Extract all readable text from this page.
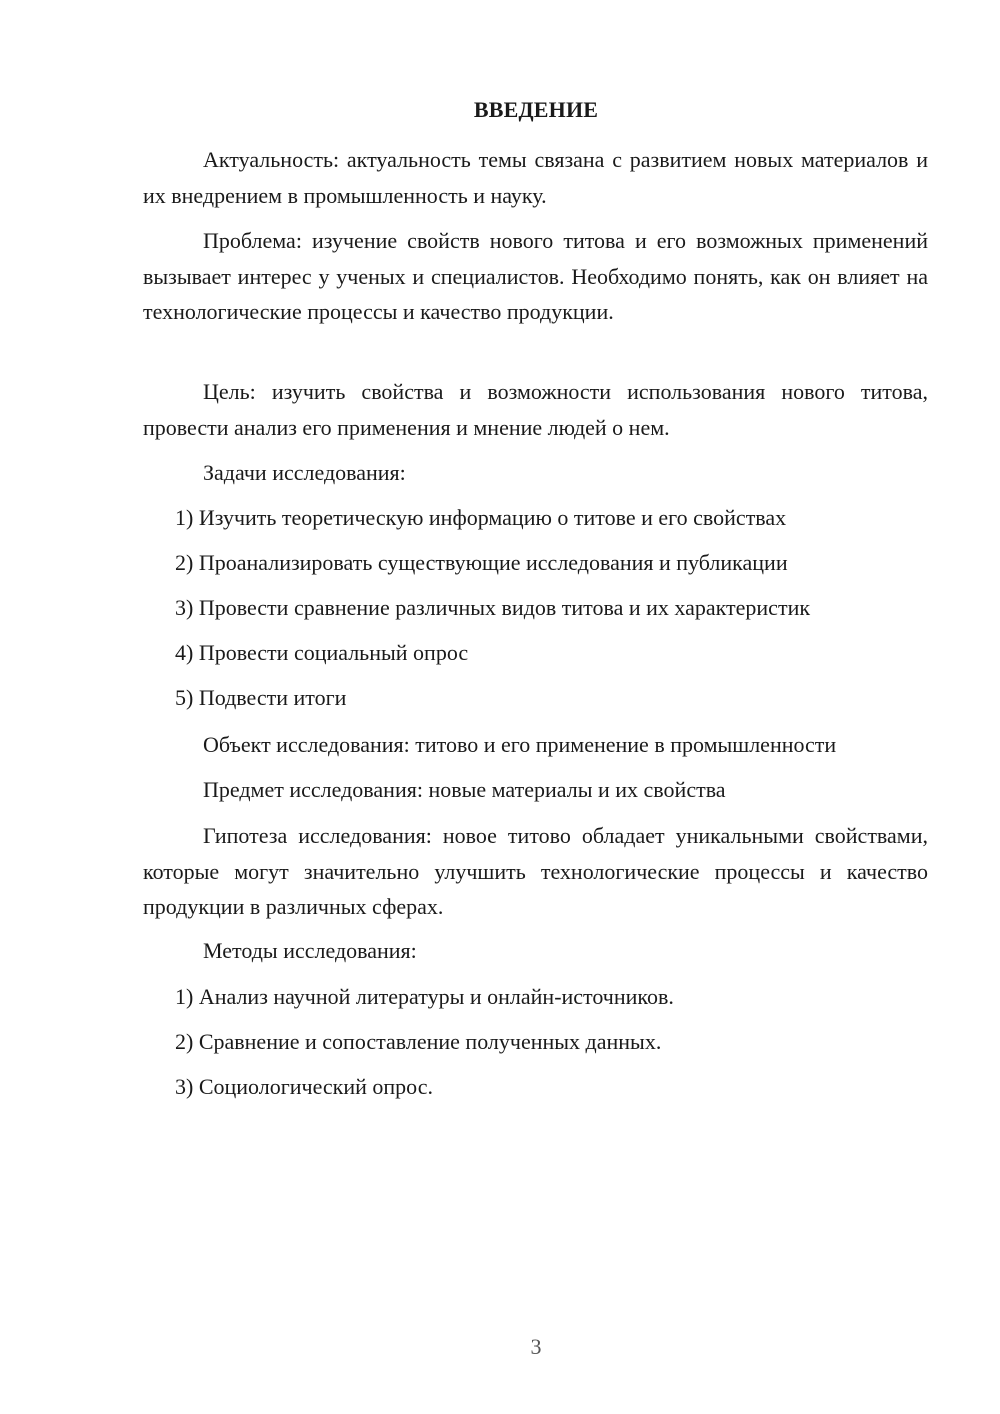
ВВЕДЕНИЕ

Актуальность: актуальность темы связана с развитием новых материалов и их внедрением в промышленность и науку.

Проблема: изучение свойств нового титова и его возможных применений вызывает интерес у ученых и специалистов. Необходимо понять, как он влияет на технологические процессы и качество продукции.

Цель: изучить свойства и возможности использования нового титова, провести анализ его применения и мнение людей о нем.

Задачи исследования:
1) Изучить теоретическую информацию о титове и его свойствах
2) Проанализировать существующие исследования и публикации
3) Провести сравнение различных видов титова и их характеристик
4) Провести социальный опрос
5) Подвести итоги
Объект исследования: титово и его применение в промышленности
Предмет исследования: новые материалы и их свойства

Гипотеза исследования: новое титово обладает уникальными свойствами, которые могут значительно улучшить технологические процессы и качество продукции в различных сферах.

Методы исследования:
1) Анализ научной литературы и онлайн-источников.
2) Сравнение и сопоставление полученных данных.
3) Социологический опрос.
3
